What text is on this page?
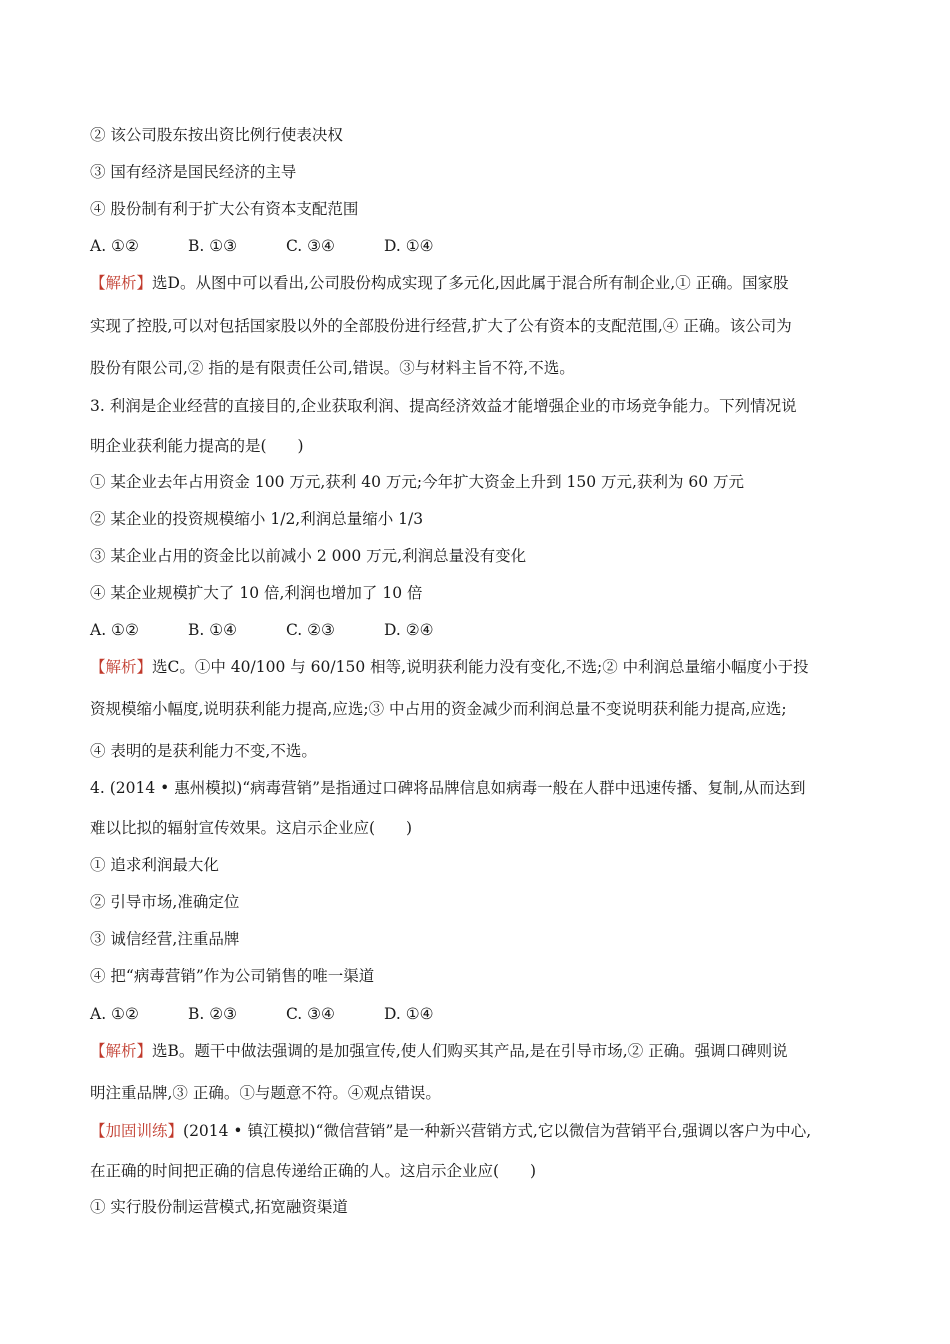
② 该公司股东按出资比例行使表决权
③ 国有经济是国民经济的主导
④ 股份制有利于扩大公有资本支配范围
A. ①②	B. ①③	C. ③④	D. ①④
【解析】选D。从图中可以看出,公司股份构成实现了多元化,因此属于混合所有制企业,① 正确。国家股
实现了控股,可以对包括国家股以外的全部股份进行经营,扩大了公有资本的支配范围,④ 正确。该公司为
股份有限公司,② 指的是有限责任公司,错误。③与材料主旨不符,不选。
3. 利润是企业经营的直接目的,企业获取利润、提高经济效益才能增强企业的市场竞争能力。下列情况说
明企业获利能力提高的是(　　)
① 某企业去年占用资金 100 万元,获利 40 万元;今年扩大资金上升到 150 万元,获利为 60 万元
② 某企业的投资规模缩小 1/2,利润总量缩小 1/3
③ 某企业占用的资金比以前减小 2 000 万元,利润总量没有变化
④ 某企业规模扩大了 10 倍,利润也增加了 10 倍
A. ①②	B. ①④	C. ②③	D. ②④
【解析】选C。①中 40/100 与 60/150 相等,说明获利能力没有变化,不选;② 中利润总量缩小幅度小于投
资规模缩小幅度,说明获利能力提高,应选;③ 中占用的资金减少而利润总量不变说明获利能力提高,应选;
④ 表明的是获利能力不变,不选。
4. (2014 • 惠州模拟)“病毒营销”是指通过口碑将品牌信息如病毒一般在人群中迅速传播、复制,从而达到
难以比拟的辐射宣传效果。这启示企业应(　　)
① 追求利润最大化
② 引导市场,准确定位
③ 诚信经营,注重品牌
④ 把“病毒营销”作为公司销售的唯一渠道
A. ①②	B. ②③	C. ③④	D. ①④
【解析】选B。题干中做法强调的是加强宣传,使人们购买其产品,是在引导市场,② 正确。强调口碑则说
明注重品牌,③ 正确。①与题意不符。④观点错误。
【加固训练】(2014 • 镇江模拟)“微信营销”是一种新兴营销方式,它以微信为营销平台,强调以客户为中心,
在正确的时间把正确的信息传递给正确的人。这启示企业应(　　)
① 实行股份制运营模式,拓宽融资渠道
